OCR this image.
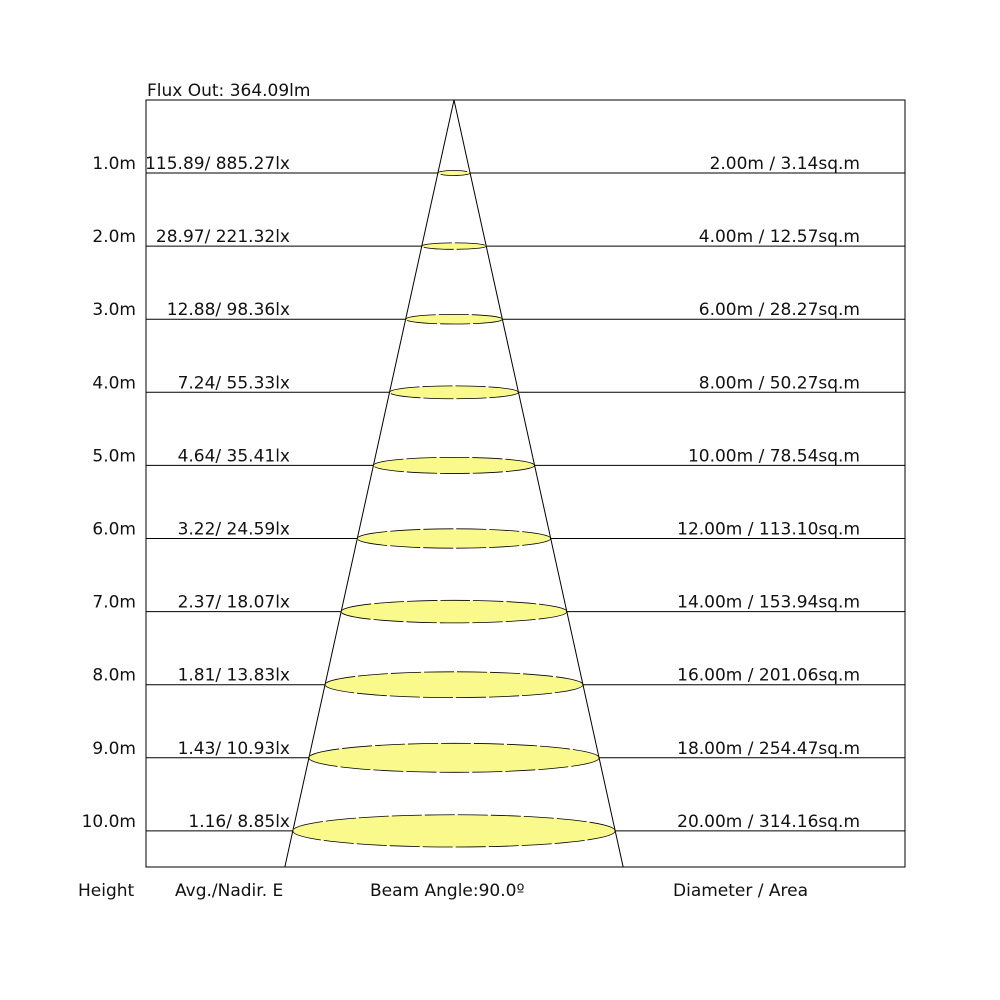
Flux Out: 364.09lm
1.0m 115.89/ 885.27lx	2.00m / 3.14sq.m
2.0m 28.97/ 221.32lx	4.00m / 12.57sq.m
3.0m 12.88/ 98.36lx	6.00m / 28.27sq.m
4.0m 7.24/ 55.33lx	8.00m / 50.27sq.m
5.0m 4.64/ 35.41lx	10.00m / 78.54sq.m
6.0m 3.22/ 24.59lx	12.00m / 113.10sq.m
7.0m 2.37/ 18.07lx	14.00m / 153.94sq.m
8.0m 1.81/ 13.83lx	16.00m / 201.06sq.m
9.0m 1.43/ 10.93lx	18.00m / 254.47sq.m
10.0m	1.16/ 8.85lx	20.00m / 314.16sq.m
Height Avg./Nadir. E	Beam Angle:90.0º	Diameter / Area
